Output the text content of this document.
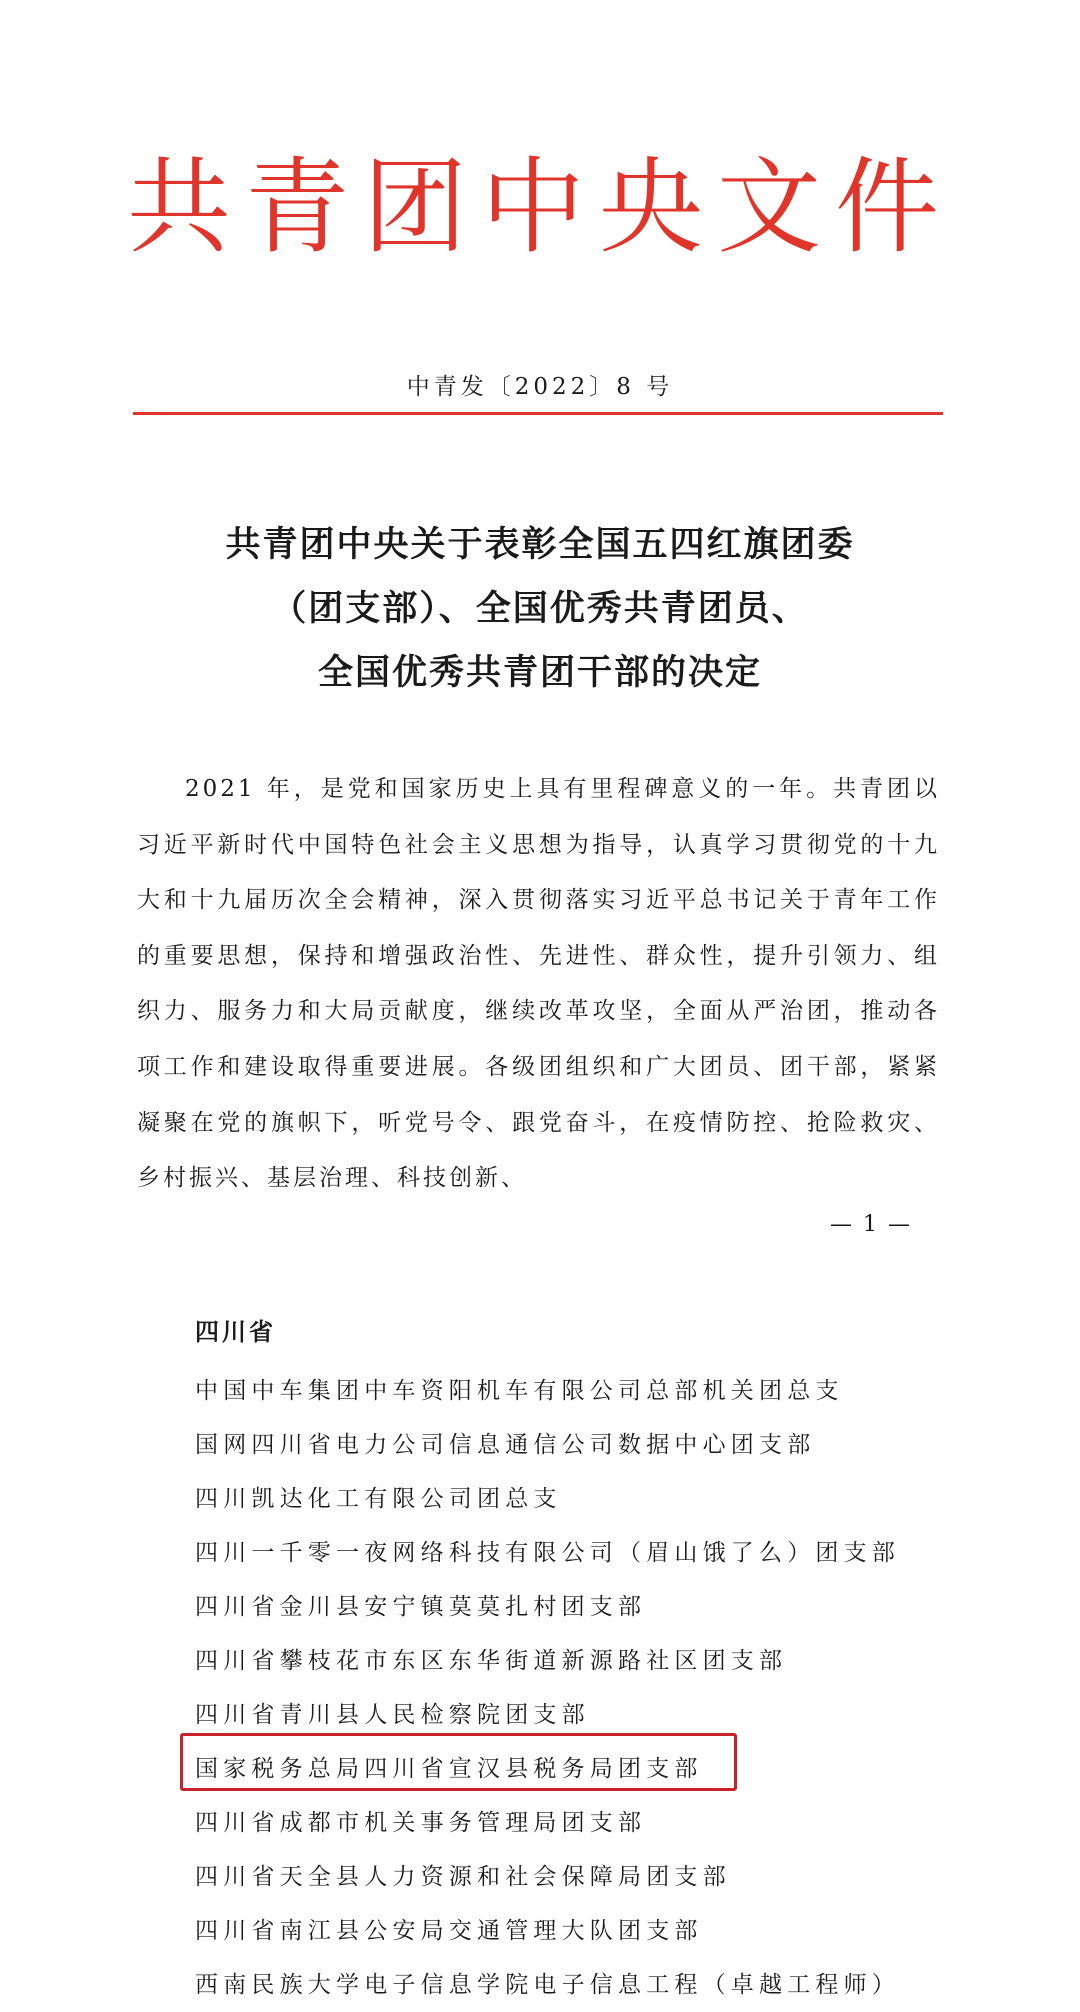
共青团中央文件
中青发〔2022〕8 号
共青团中央关于表彰全国五四红旗团委
（团支部）、全国优秀共青团员、
全国优秀共青团干部的决定
2021 年，是党和国家历史上具有里程碑意义的一年。共青团以习近平新时代中国特色社会主义思想为指导，认真学习贯彻党的十九大和十九届历次全会精神，深入贯彻落实习近平总书记关于青年工作的重要思想，保持和增强政治性、先进性、群众性，提升引领力、组织力、服务力和大局贡献度，继续改革攻坚，全面从严治团，推动各项工作和建设取得重要进展。各级团组织和广大团员、团干部，紧紧凝聚在党的旗帜下，听党号令、跟党奋斗，在疫情防控、抢险救灾、乡村振兴、基层治理、科技创新、
— 1 —
四川省
中国中车集团中车资阳机车有限公司总部机关团总支
国网四川省电力公司信息通信公司数据中心团支部
四川凯达化工有限公司团总支
四川一千零一夜网络科技有限公司（眉山饿了么）团支部
四川省金川县安宁镇莫莫扎村团支部
四川省攀枝花市东区东华街道新源路社区团支部
四川省青川县人民检察院团支部
国家税务总局四川省宣汉县税务局团支部
四川省成都市机关事务管理局团支部
四川省天全县人力资源和社会保障局团支部
四川省南江县公安局交通管理大队团支部
西南民族大学电子信息学院电子信息工程（卓越工程师）
